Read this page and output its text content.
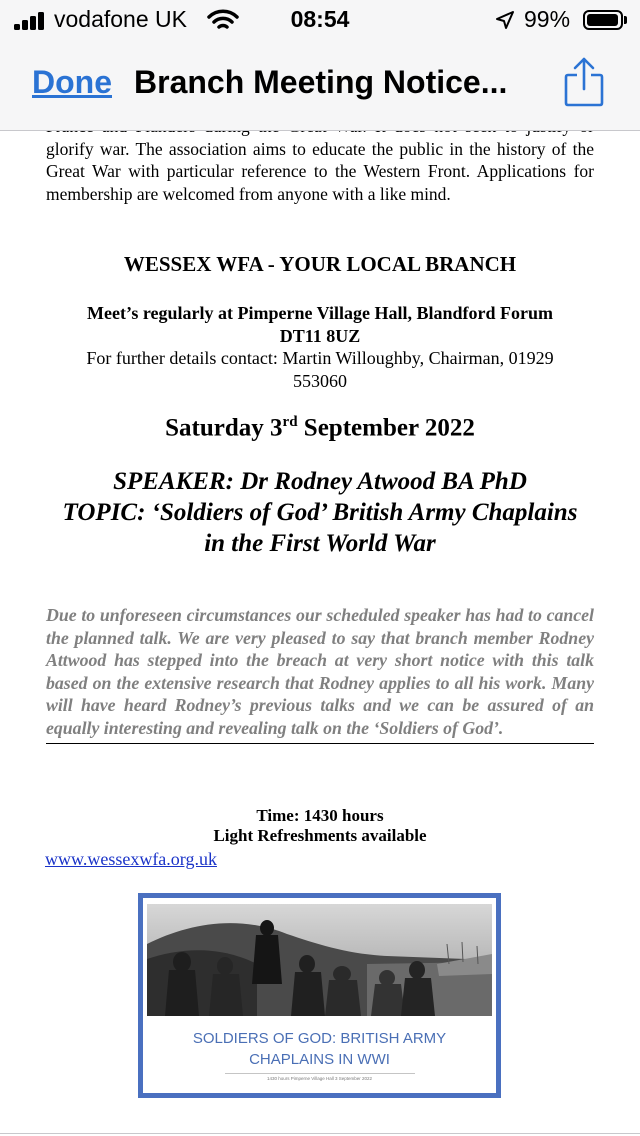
glorify war. The association aims to educate the public in the history of the Great War with particular reference to the Western Front. Applications for membership are welcomed from anyone with a like mind.

WESSEX WFA - YOUR LOCAL BRANCH

Meet’s regularly at Pimperne Village Hall, Blandford Forum
DT11 8UZ
For further details contact: Martin Willoughby, Chairman, 01929
553060

Saturday 3rd September 2022

SPEAKER: Dr Rodney Atwood BA PhD
TOPIC: ‘Soldiers of God’ British Army Chaplains
in the First World War

Due to unforeseen circumstances our scheduled speaker has had to cancel the planned talk. We are very pleased to say that branch member Rodney Attwood has stepped into the breach at very short notice with this talk based on the extensive research that Rodney applies to all his work. Many will have heard Rodney’s previous talks and we can be assured of an equally interesting and revealing talk on the ‘Soldiers of God’.

Time: 1430 hours
Light Refreshments available
www.wessexwfa.org.uk
SOLDIERS OF GOD: BRITISH ARMY
CHAPLAINS IN WWI
1430 hours Pimperne Village Hall 3 September 2022
vodafone UK	08:54	99%
Done Branch Meeting Notice...
